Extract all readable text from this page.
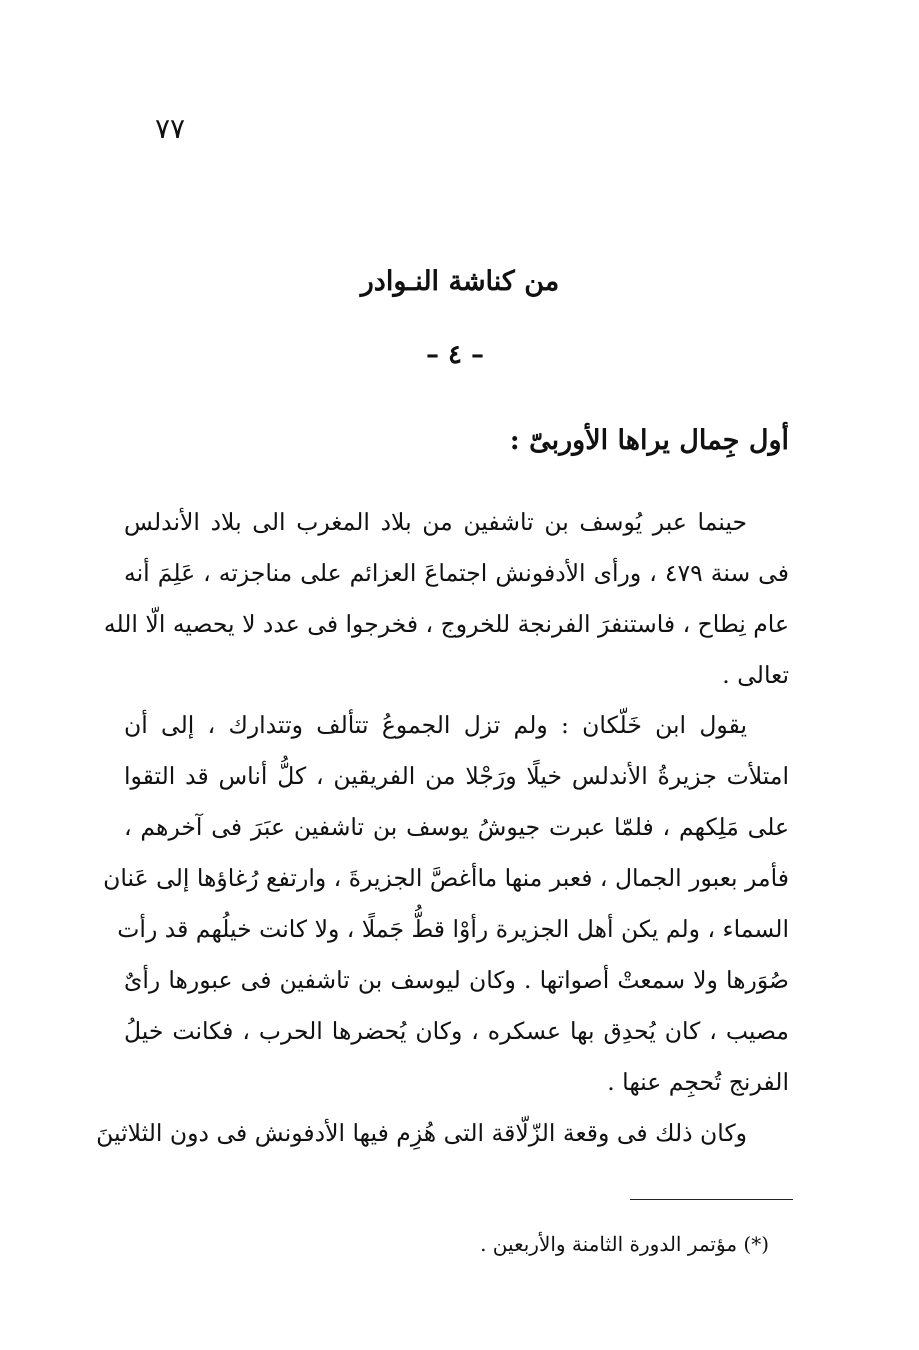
٧٧
من كناشة النـوادر
– ٤ –
أول جِمال يراها الأوربىّ :
حينما عبر يُوسف بن تاشفين من بلاد المغرب الى بلاد الأندلس
فى سنة ٤٧٩ ، ورأى الأدفونش اجتماعَ العزائم على مناجزته ، عَلِمَ أنه
عام نِطاح ، فاستنفرَ الفرنجة للخروج ، فخرجوا فى عدد لا يحصيه الّا الله
تعالى .
يقول ابن خَلّكان : ولم تزل الجموعُ تتألف وتتدارك ، إلى أن
امتلأت جزيرةُ الأندلس خيلًا ورَجْلا من الفريقين ، كلُّ أناس قد التقوا
على مَلِكهم ، فلمّا عبرت جيوشُ يوسف بن تاشفين عبَرَ فى آخرهم ،
فأمر بعبور الجمال ، فعبر منها ماأغصَّ الجزيرةَ ، وارتفع رُغاؤها إلى عَنان
السماء ، ولم يكن أهل الجزيرة رأوْا قطُّ جَملًا ، ولا كانت خيلُهم قد رأت
صُوَرها ولا سمعتْ أصواتها . وكان ليوسف بن تاشفين فى عبورها رأىٌ
مصيب ، كان يُحدِق بها عسكره ، وكان يُحضرها الحرب ، فكانت خيلُ
الفرنج تُحجِم عنها .
وكان ذلك فى وقعة الزّلّاقة التى هُزِم فيها الأدفونش فى دون الثلاثينَ
(*) مؤتمر الدورة الثامنة والأربعين .
